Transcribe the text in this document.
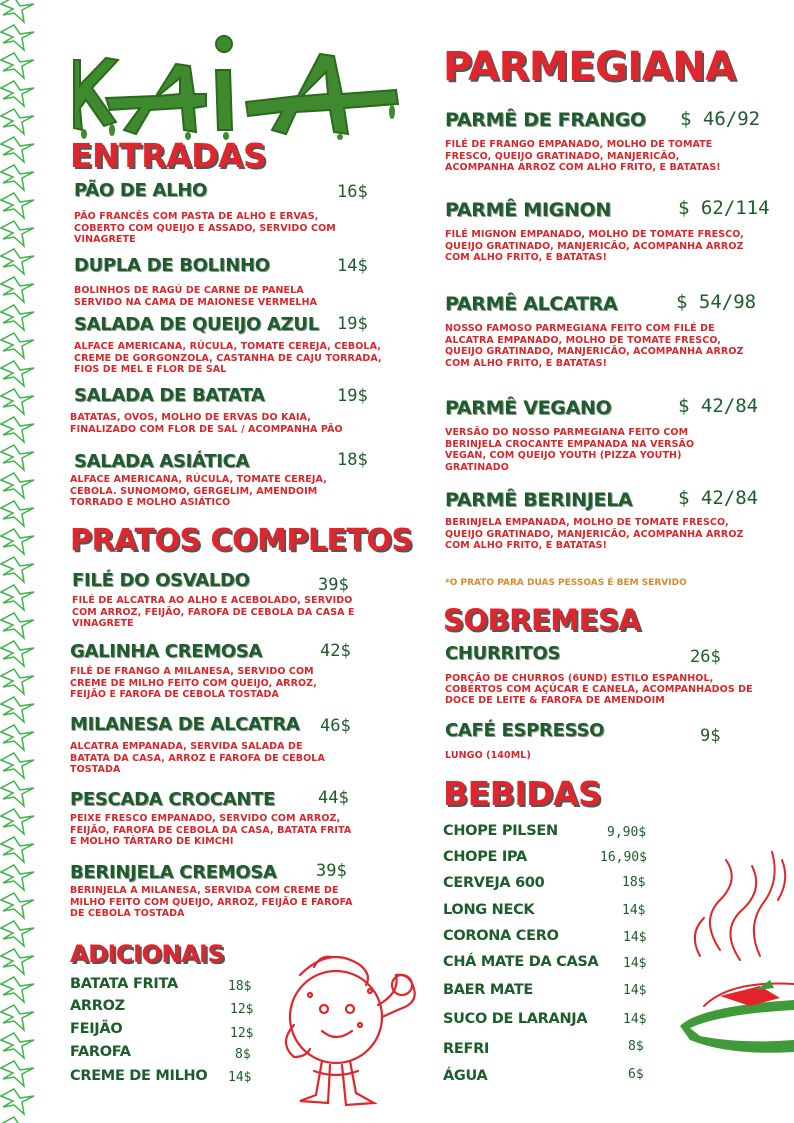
ENTRADAS
PÃO DE ALHO	16$
PÃO FRANCÊS COM PASTA DE ALHO E ERVAS, COBERTO COM QUEIJO E ASSADO, SERVIDO COM VINAGRETE
DUPLA DE BOLINHO	14$
BOLINHOS DE RAGÚ DE CARNE DE PANELA SERVIDO NA CAMA DE MAIONESE VERMELHA
SALADA DE QUEIJO AZUL 19$
ALFACE AMERICANA, RÚCULA, TOMATE CEREJA, CEBOLA, CREME DE GORGONZOLA, CASTANHA DE CAJU TORRADA, FIOS DE MEL E FLOR DE SAL
SALADA DE BATATA	19$
BATATAS, OVOS, MOLHO DE ERVAS DO KAIA, FINALIZADO COM FLOR DE SAL / ACOMPANHA PÃO
SALADA ASIÁTICA	18$
ALFACE AMERICANA, RÚCULA, TOMATE CEREJA, CEBOLA. SUNOMOMO, GERGELIM, AMENDOIM TORRADO E MOLHO ASIÁTICO
PRATOS COMPLETOS
FILÉ DO OSVALDO	39$
FILÉ DE ALCATRA AO ALHO E ACEBOLADO, SERVIDO COM ARROZ, FEIJÃO, FAROFA DE CEBOLA DA CASA E VINAGRETE
GALINHA CREMOSA	42$
FILÉ DE FRANGO A MILANESA, SERVIDO COM CREME DE MILHO FEITO COM QUEIJO, ARROZ, FEIJÃO E FAROFA DE CEBOLA TOSTADA
MILANESA DE ALCATRA 46$
ALCATRA EMPANADA, SERVIDA SALADA DE BATATA DA CASA, ARROZ E FAROFA DE CEBOLA TOSTADA
PESCADA CROCANTE	44$
PEIXE FRESCO EMPANADO, SERVIDO COM ARROZ, FEIJÃO, FAROFA DE CEBOLA DA CASA, BATATA FRITA E MOLHO TÁRTARO DE KIMCHI
BERINJELA CREMOSA 39$
BERINJELA A MILANESA, SERVIDA COM CREME DE MILHO FEITO COM QUEIJO, ARROZ, FEIJÃO E FAROFA DE CEBOLA TOSTADA
ADICIONAIS
BATATA FRITA	18$
ARROZ	12$
FEIJÃO	12$
FAROFA	8$
CREME DE MILHO 14$
PARMEGIANA
PARMÊ DE FRANGO $ 46/92
FILÉ DE FRANGO EMPANADO, MOLHO DE TOMATE FRESCO, QUEIJO GRATINADO, MANJERICÃO, ACOMPANHA ARROZ COM ALHO FRITO, E BATATAS!
PARMÊ MIGNON	$ 62/114
FILÉ MIGNON EMPANADO, MOLHO DE TOMATE FRESCO, QUEIJO GRATINADO, MANJERICÃO, ACOMPANHA ARROZ COM ALHO FRITO, E BATATAS!
PARMÊ ALCATRA	$ 54/98
NOSSO FAMOSO PARMEGIANA FEITO COM FILÉ DE ALCATRA EMPANADO, MOLHO DE TOMATE FRESCO, QUEIJO GRATINADO, MANJERICÃO, ACOMPANHA ARROZ COM ALHO FRITO, E BATATAS!
PARMÊ VEGANO	$ 42/84
VERSÃO DO NOSSO PARMEGIANA FEITO COM BERINJELA CROCANTE EMPANADA NA VERSÃO VEGAN, COM QUEIJO YOUTH (PIZZA YOUTH) GRATINADO
PARMÊ BERINJELA $ 42/84
BERINJELA EMPANADA, MOLHO DE TOMATE FRESCO, QUEIJO GRATINADO, MANJERICÃO, ACOMPANHA ARROZ COM ALHO FRITO, E BATATAS!
*O PRATO PARA DUAS PESSOAS É BEM SERVIDO
SOBREMESA
CHURRITOS	26$
PORÇÃO DE CHURROS (6UND) ESTILO ESPANHOL, COBERTOS COM AÇÚCAR E CANELA, ACOMPANHADOS DE DOCE DE LEITE & FAROFA DE AMENDOIM
CAFÉ ESPRESSO	9$
LUNGO (140ML)
BEBIDAS
CHOPE PILSEN	9,90$
CHOPE IPA	16,90$
CERVEJA 600	18$
LONG NECK	14$
CORONA CERO	14$
CHÁ MATE DA CASA 14$
BAER MATE	14$
SUCO DE LARANJA	14$
REFRI	8$
ÁGUA	6$
